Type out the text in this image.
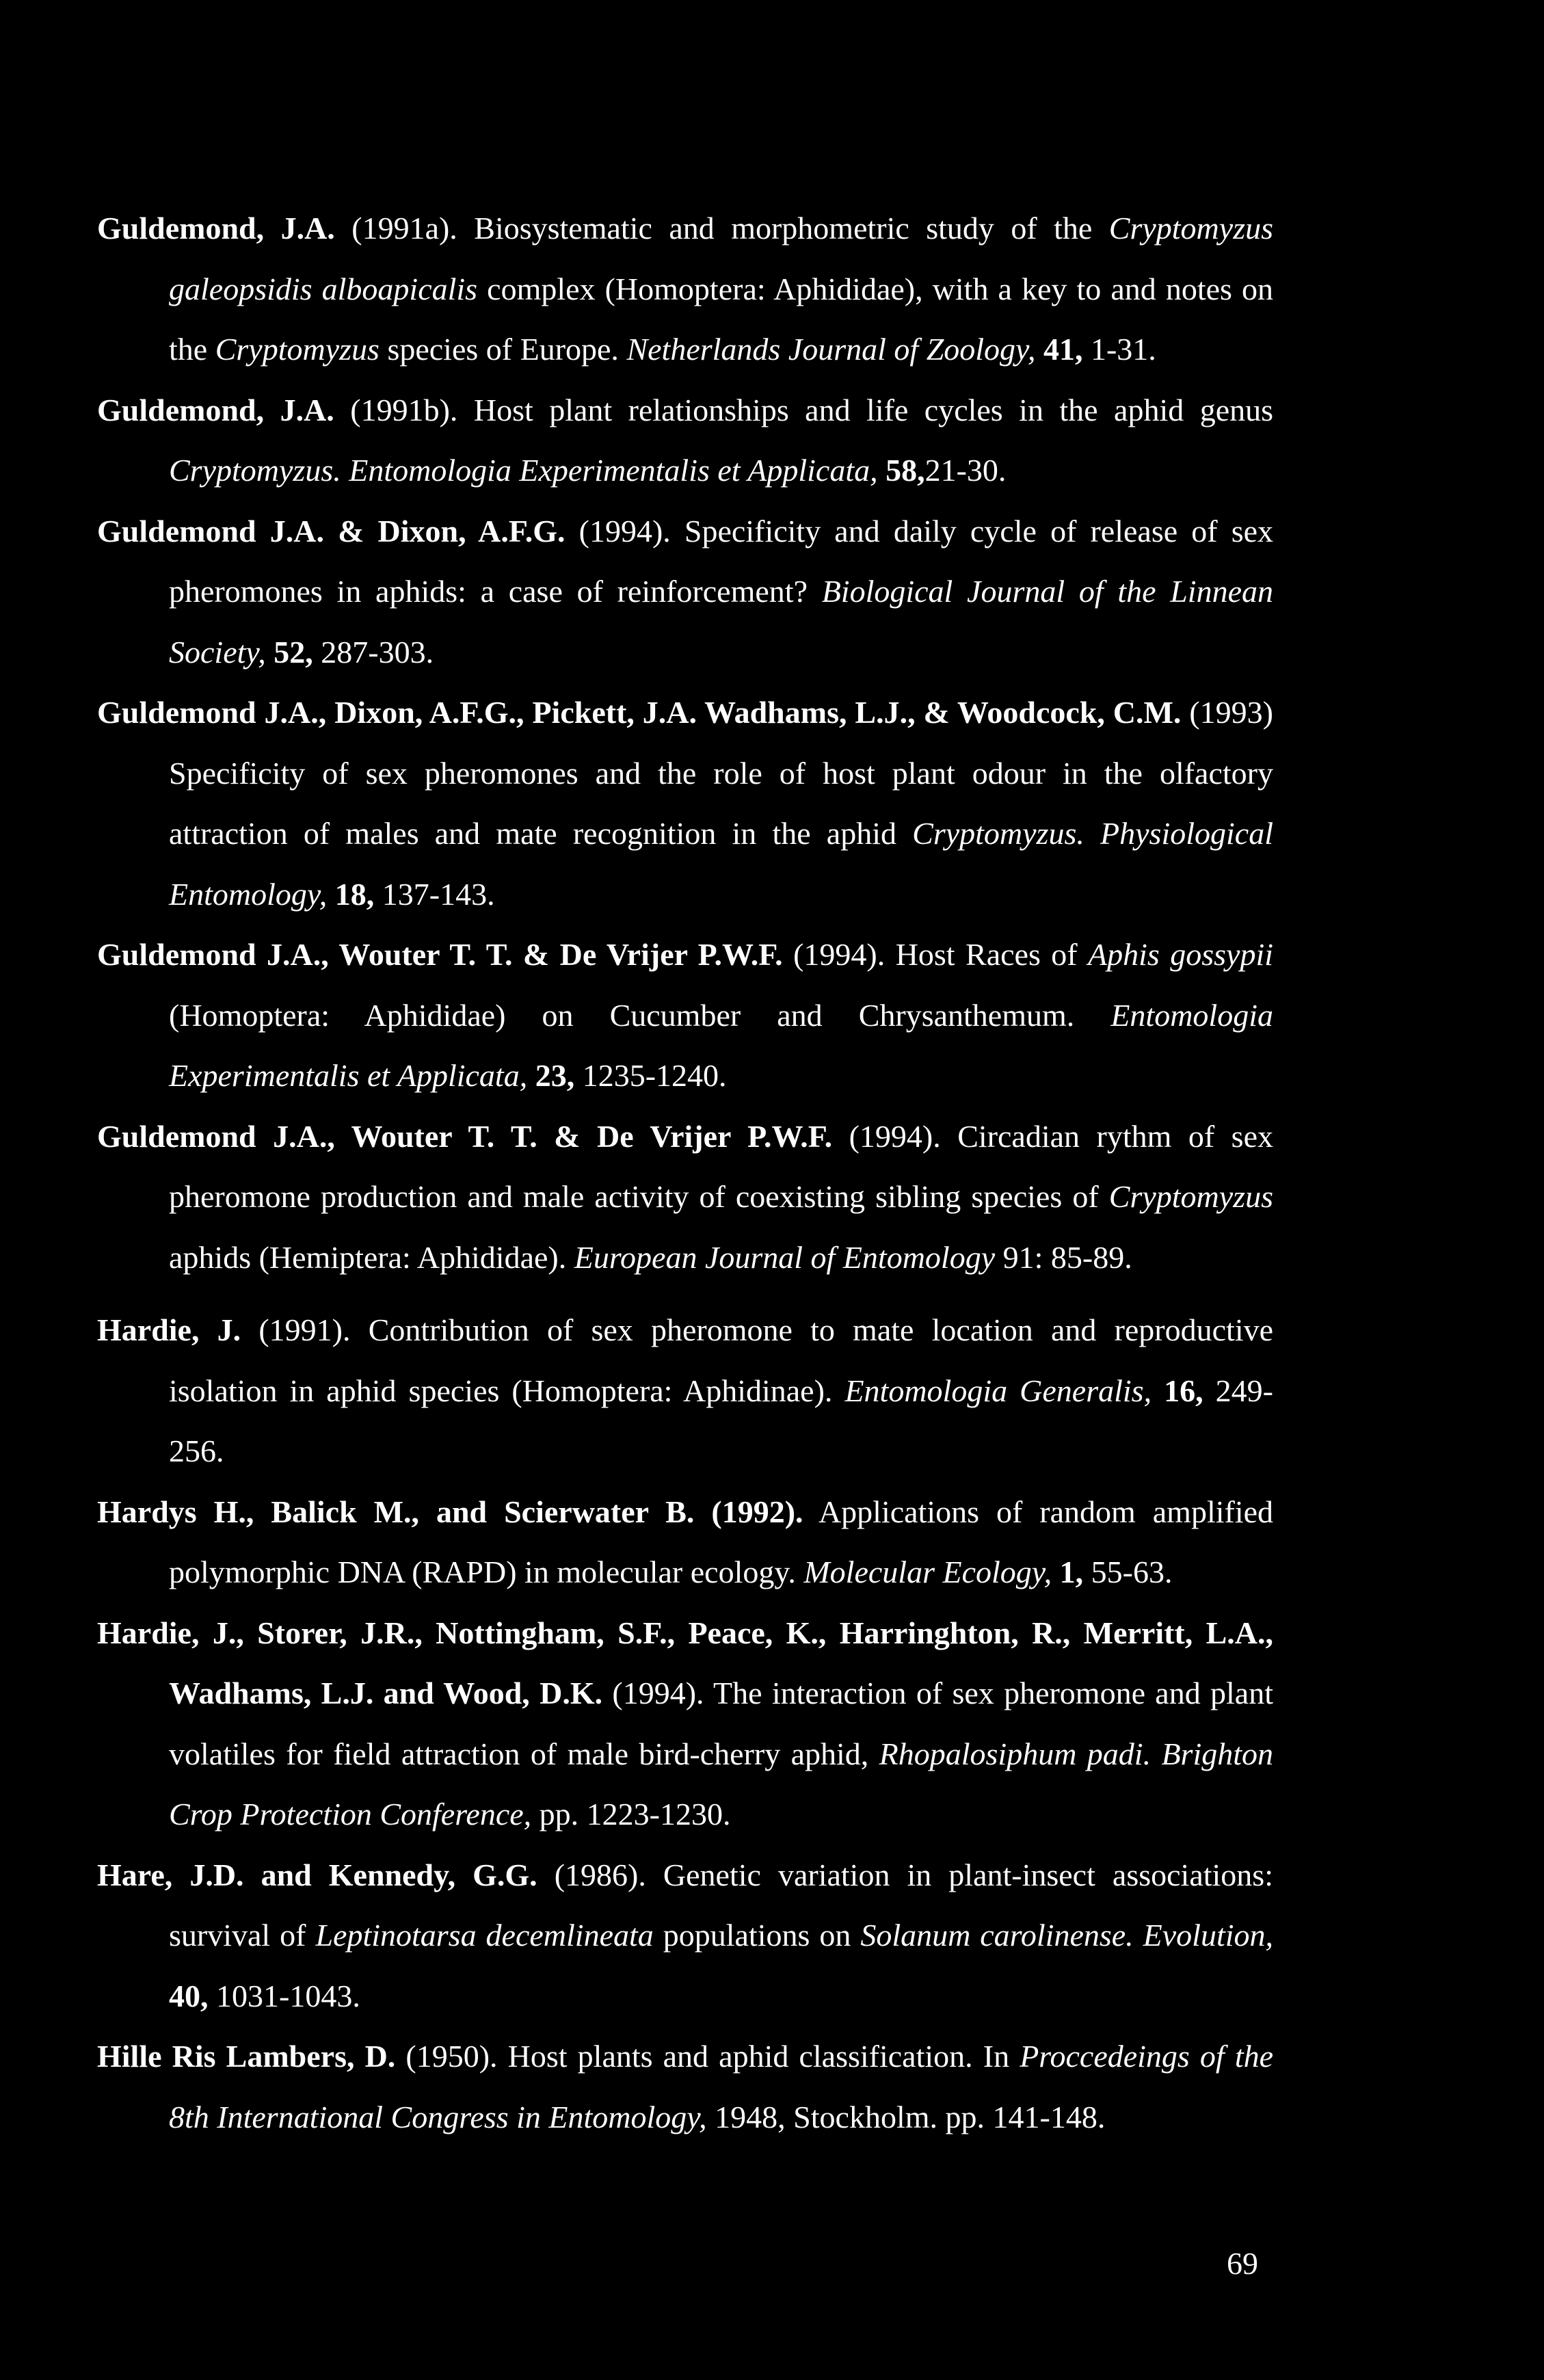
Guldemond, J.A. (1991a). Biosystematic and morphometric study of the Cryptomyzus galeopsidis alboapicalis complex (Homoptera: Aphididae), with a key to and notes on the Cryptomyzus species of Europe. Netherlands Journal of Zoology, 41, 1-31.
Guldemond, J.A. (1991b). Host plant relationships and life cycles in the aphid genus Cryptomyzus. Entomologia Experimentalis et Applicata, 58,21-30.
Guldemond J.A. & Dixon, A.F.G. (1994). Specificity and daily cycle of release of sex pheromones in aphids: a case of reinforcement? Biological Journal of the Linnean Society, 52, 287-303.
Guldemond J.A., Dixon, A.F.G., Pickett, J.A. Wadhams, L.J., & Woodcock, C.M. (1993) Specificity of sex pheromones and the role of host plant odour in the olfactory attraction of males and mate recognition in the aphid Cryptomyzus. Physiological Entomology, 18, 137-143.
Guldemond J.A., Wouter T. T. & De Vrijer P.W.F. (1994). Host Races of Aphis gossypii (Homoptera: Aphididae) on Cucumber and Chrysanthemum. Entomologia Experimentalis et Applicata, 23, 1235-1240.
Guldemond J.A., Wouter T. T. & De Vrijer P.W.F. (1994). Circadian rythm of sex pheromone production and male activity of coexisting sibling species of Cryptomyzus aphids (Hemiptera: Aphididae). European Journal of Entomology 91: 85-89.
Hardie, J. (1991). Contribution of sex pheromone to mate location and reproductive isolation in aphid species (Homoptera: Aphidinae). Entomologia Generalis, 16, 249-256.
Hardys H., Balick M., and Scierwater B. (1992). Applications of random amplified polymorphic DNA (RAPD) in molecular ecology. Molecular Ecology, 1, 55-63.
Hardie, J., Storer, J.R., Nottingham, S.F., Peace, K., Harringhton, R., Merritt, L.A., Wadhams, L.J. and Wood, D.K. (1994). The interaction of sex pheromone and plant volatiles for field attraction of male bird-cherry aphid, Rhopalosiphum padi. Brighton Crop Protection Conference, pp. 1223-1230.
Hare, J.D. and Kennedy, G.G. (1986). Genetic variation in plant-insect associations: survival of Leptinotarsa decemlineata populations on Solanum carolinense. Evolution, 40, 1031-1043.
Hille Ris Lambers, D. (1950). Host plants and aphid classification. In Proccedeings of the 8th International Congress in Entomology, 1948, Stockholm. pp. 141-148.
69
